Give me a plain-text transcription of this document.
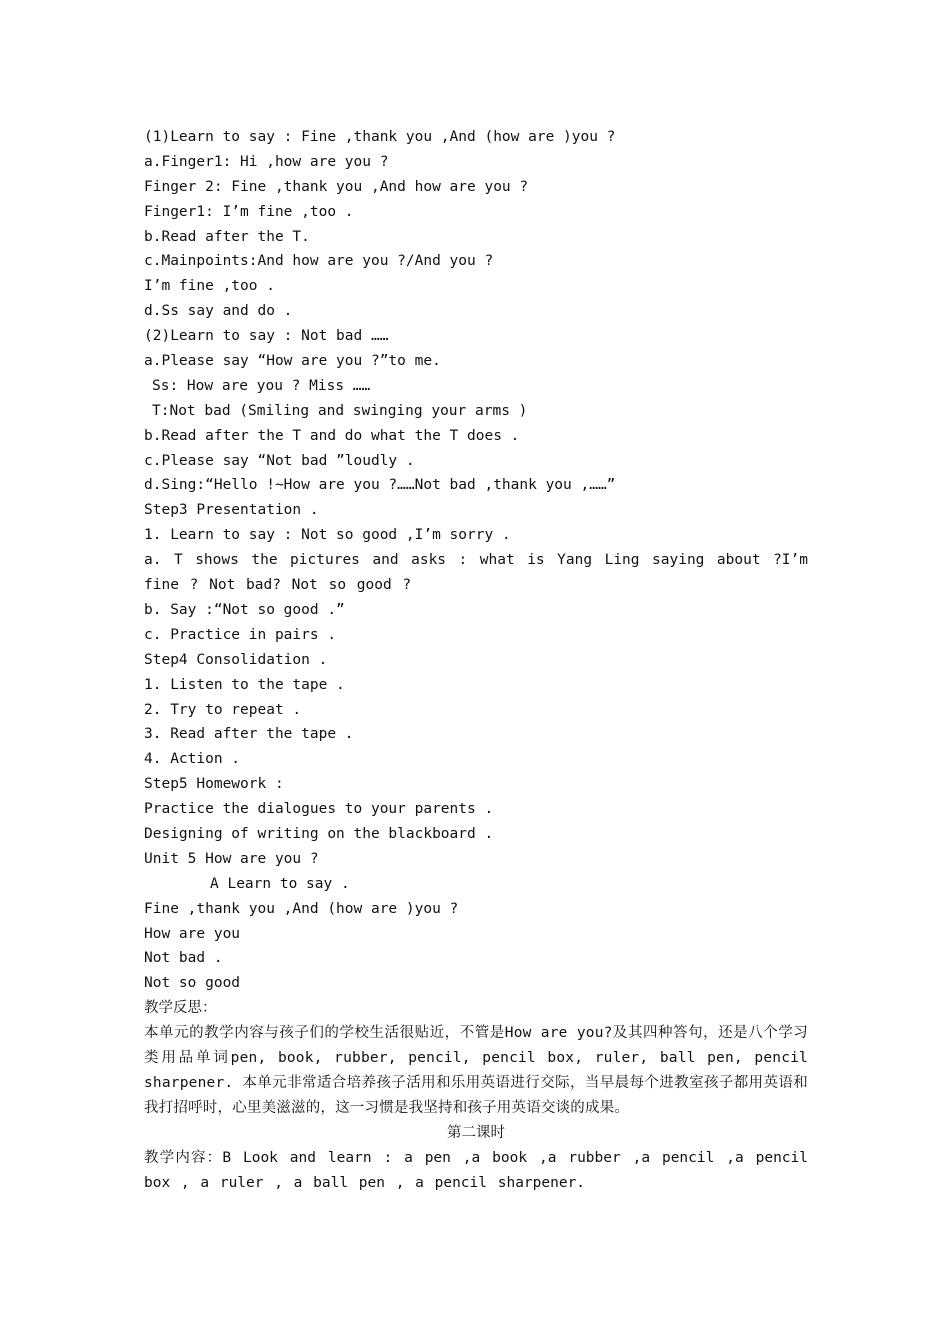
(1)Learn to say : Fine ,thank you ,And (how are )you ?
a.Finger1: Hi ,how are you ?
Finger 2: Fine ,thank you ,And how are you ?
Finger1: I’m fine ,too .
b.Read after the T.
c.Mainpoints:And how are you ?/And you ?
I’m fine ,too .
d.Ss say and do .
(2)Learn to say : Not bad ……
a.Please say “How are you ?”to me.
Ss: How are you ? Miss ……
T:Not bad (Smiling and swinging your arms )
b.Read after the T and do what the T does .
c.Please say “Not bad ”loudly .
d.Sing:“Hello !~How are you ?……Not bad ,thank you ,……”
Step3 Presentation .
1. Learn to say : Not so good ,I’m sorry .
a. T shows the pictures and asks : what is Yang Ling saying about ?I’m fine ? Not bad? Not so good ?
b. Say :“Not so good .”
c. Practice in pairs .
Step4 Consolidation .
1. Listen to the tape .
2. Try to repeat .
3. Read after the tape .
4. Action .
Step5 Homework :
Practice the dialogues to your parents .
Designing of writing on the blackboard .
Unit 5 How are you ?
A Learn to say .
Fine ,thank you ,And (how are )you ?
How are you
Not bad .
Not so good
教学反思：
本单元的教学内容与孩子们的学校生活很贴近，不管是How are you?及其四种答句，还是八个学习类用品单词pen, book, rubber, pencil, pencil box, ruler, ball pen, pencil sharpener. 本单元非常适合培养孩子活用和乐用英语进行交际，当早晨每个进教室孩子都用英语和我打招呼时，心里美滋滋的，这一习惯是我坚持和孩子用英语交谈的成果。
第二课时
教学内容：B Look and learn : a pen ,a book ,a rubber ,a pencil ,a pencil box , a ruler , a ball pen , a pencil sharpener.
